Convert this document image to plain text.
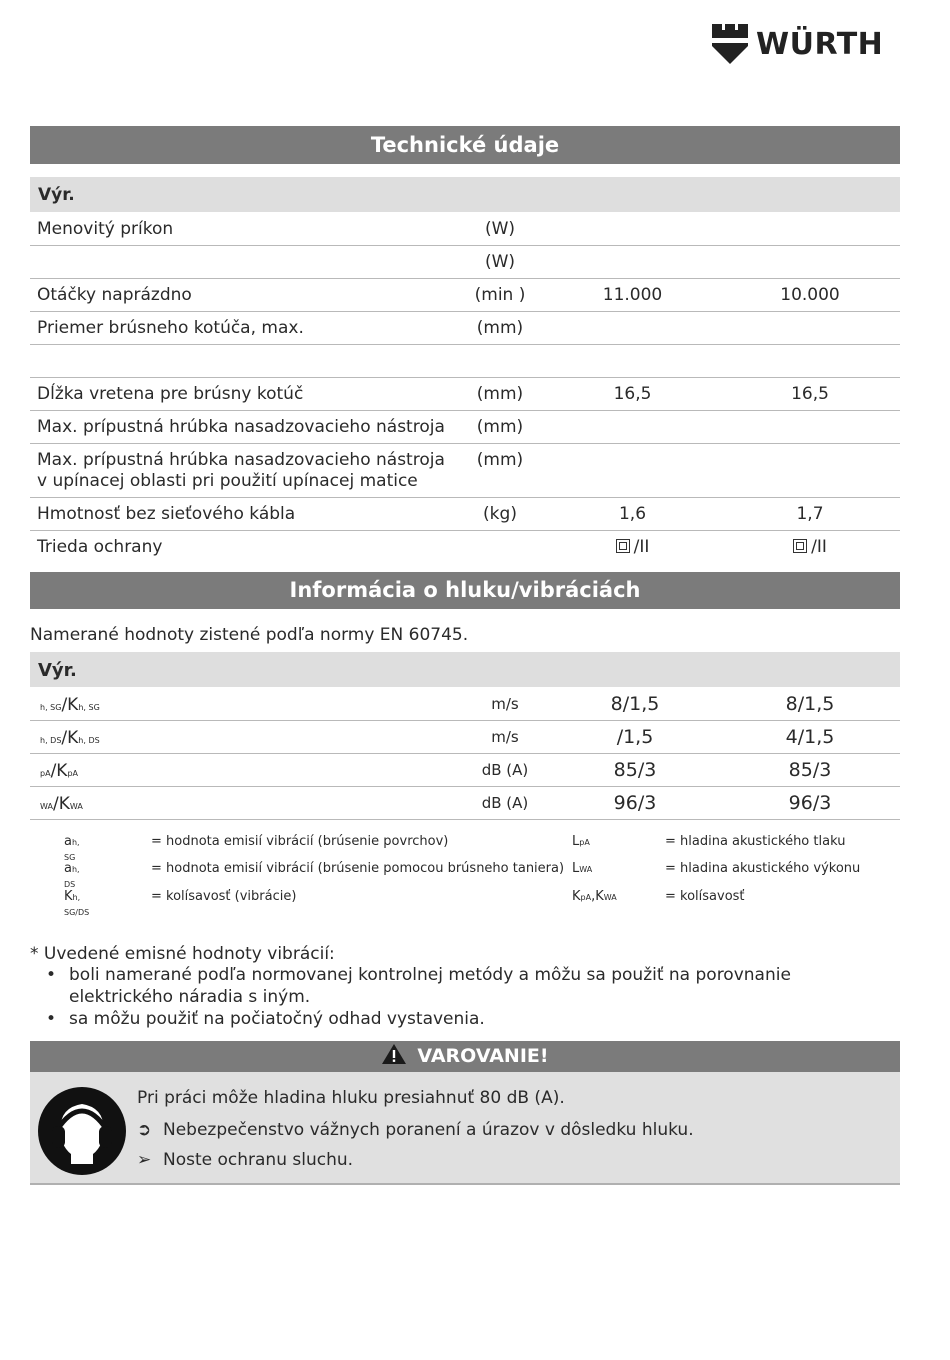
WÜRTH
Technické údaje
Výr.
Menovitý príkon	(W)
(W)
Otáčky naprázdno	(min )	11.000	10.000
Priemer brúsneho kotúča, max.	(mm)
Dĺžka vretena pre brúsny kotúč	(mm)	16,5	16,5
Max. prípustná hrúbka nasadzovacieho nástroja	(mm)
Max. prípustná hrúbka nasadzovacieho nástroja v upínacej oblasti pri použití upínacej matice
(mm)
Hmotnosť bez sieťového kábla	(kg)	1,6	1,7
Trieda ochrany	/II	/II
Informácia o hluku/vibráciách
Namerané hodnoty zistené podľa normy EN 60745.
Výr.
h, SG/Kh, SG	m/s	8/1,5	8/1,5
h, DS/Kh, DS	m/s	/1,5	4/1,5
pA/KpA	dB (A)	85/3	85/3
WA/KWA	dB (A)	96/3	96/3
ah, SG
= hodnota emisií vibrácií (brúsenie povrchov)
ah, DS
= hodnota emisií vibrácií (brúsenie pomocou brúsneho taniera)
Kh, SG/DS
= kolísavosť (vibrácie)
LpA	= hladina akustického tlaku
LWA	= hladina akustického výkonu
KpA,KWA	= kolísavosť
* Uvedené emisné hodnoty vibrácií:
• boli namerané podľa normovanej kontrolnej metódy a môžu sa použiť na porovnanie elektrického náradia s iným.
• sa môžu použiť na počiatočný odhad vystavenia.
VAROVANIE!
Pri práci môže hladina hluku presiahnuť 80 dB (A).
➲ Nebezpečenstvo vážnych poranení a úrazov v dôsledku hluku.
➢ Noste ochranu sluchu.
